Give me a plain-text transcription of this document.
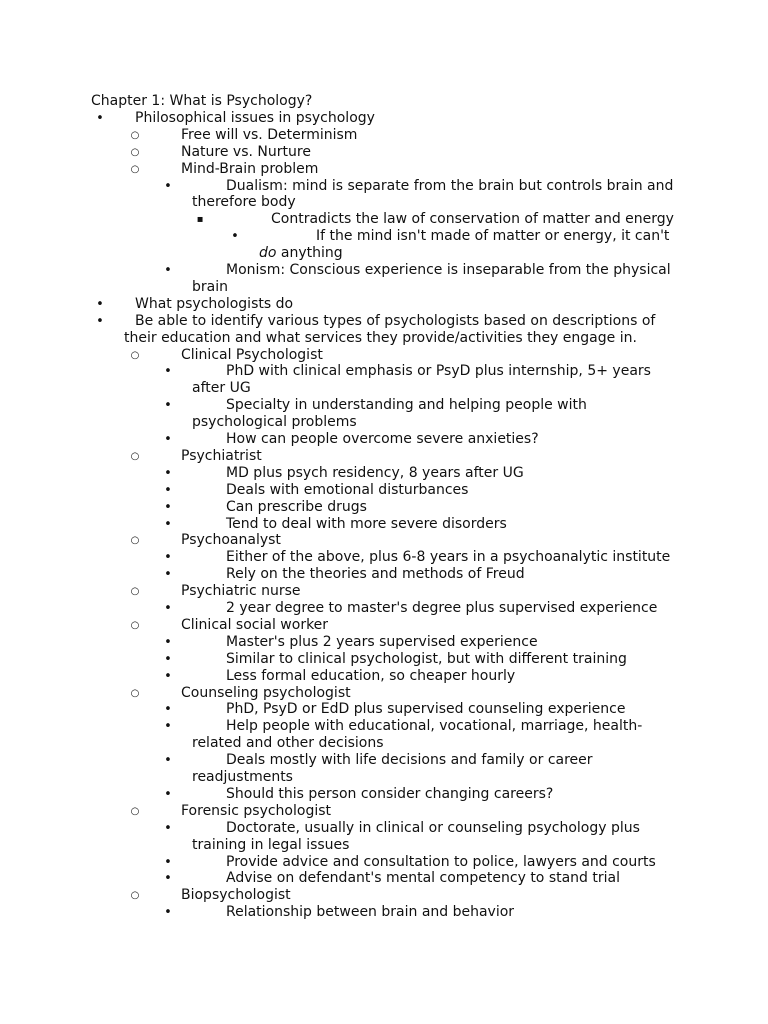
Chapter 1: What is Psychology?
• Philosophical issues in psychology
○	Free will vs. Determinism
○	Nature vs. Nurture
○	Mind-Brain problem
•	Dualism: mind is separate from the brain but controls brain and
therefore body
▪	Contradicts the law of conservation of matter and energy
•	If the mind isn't made of matter or energy, it can't
do anything
•	Monism: Conscious experience is inseparable from the physical
brain
• What psychologists do
• Be able to identify various types of psychologists based on descriptions of
their education and what services they provide/activities they engage in.
○	Clinical Psychologist
•	PhD with clinical emphasis or PsyD plus internship, 5+ years
after UG
•	Specialty in understanding and helping people with
psychological problems
•	How can people overcome severe anxieties?
○	Psychiatrist
•	MD plus psych residency, 8 years after UG
•	Deals with emotional disturbances
•	Can prescribe drugs
•	Tend to deal with more severe disorders
○	Psychoanalyst
•	Either of the above, plus 6-8 years in a psychoanalytic institute
•	Rely on the theories and methods of Freud
○	Psychiatric nurse
•	2 year degree to master's degree plus supervised experience
○	Clinical social worker
•	Master's plus 2 years supervised experience
•	Similar to clinical psychologist, but with different training
•	Less formal education, so cheaper hourly
○	Counseling psychologist
•	PhD, PsyD or EdD plus supervised counseling experience
•	Help people with educational, vocational, marriage, health-
related and other decisions
•	Deals mostly with life decisions and family or career
readjustments
•	Should this person consider changing careers?
○	Forensic psychologist
•	Doctorate, usually in clinical or counseling psychology plus
training in legal issues
•	Provide advice and consultation to police, lawyers and courts
•	Advise on defendant's mental competency to stand trial
○	Biopsychologist
•	Relationship between brain and behavior
